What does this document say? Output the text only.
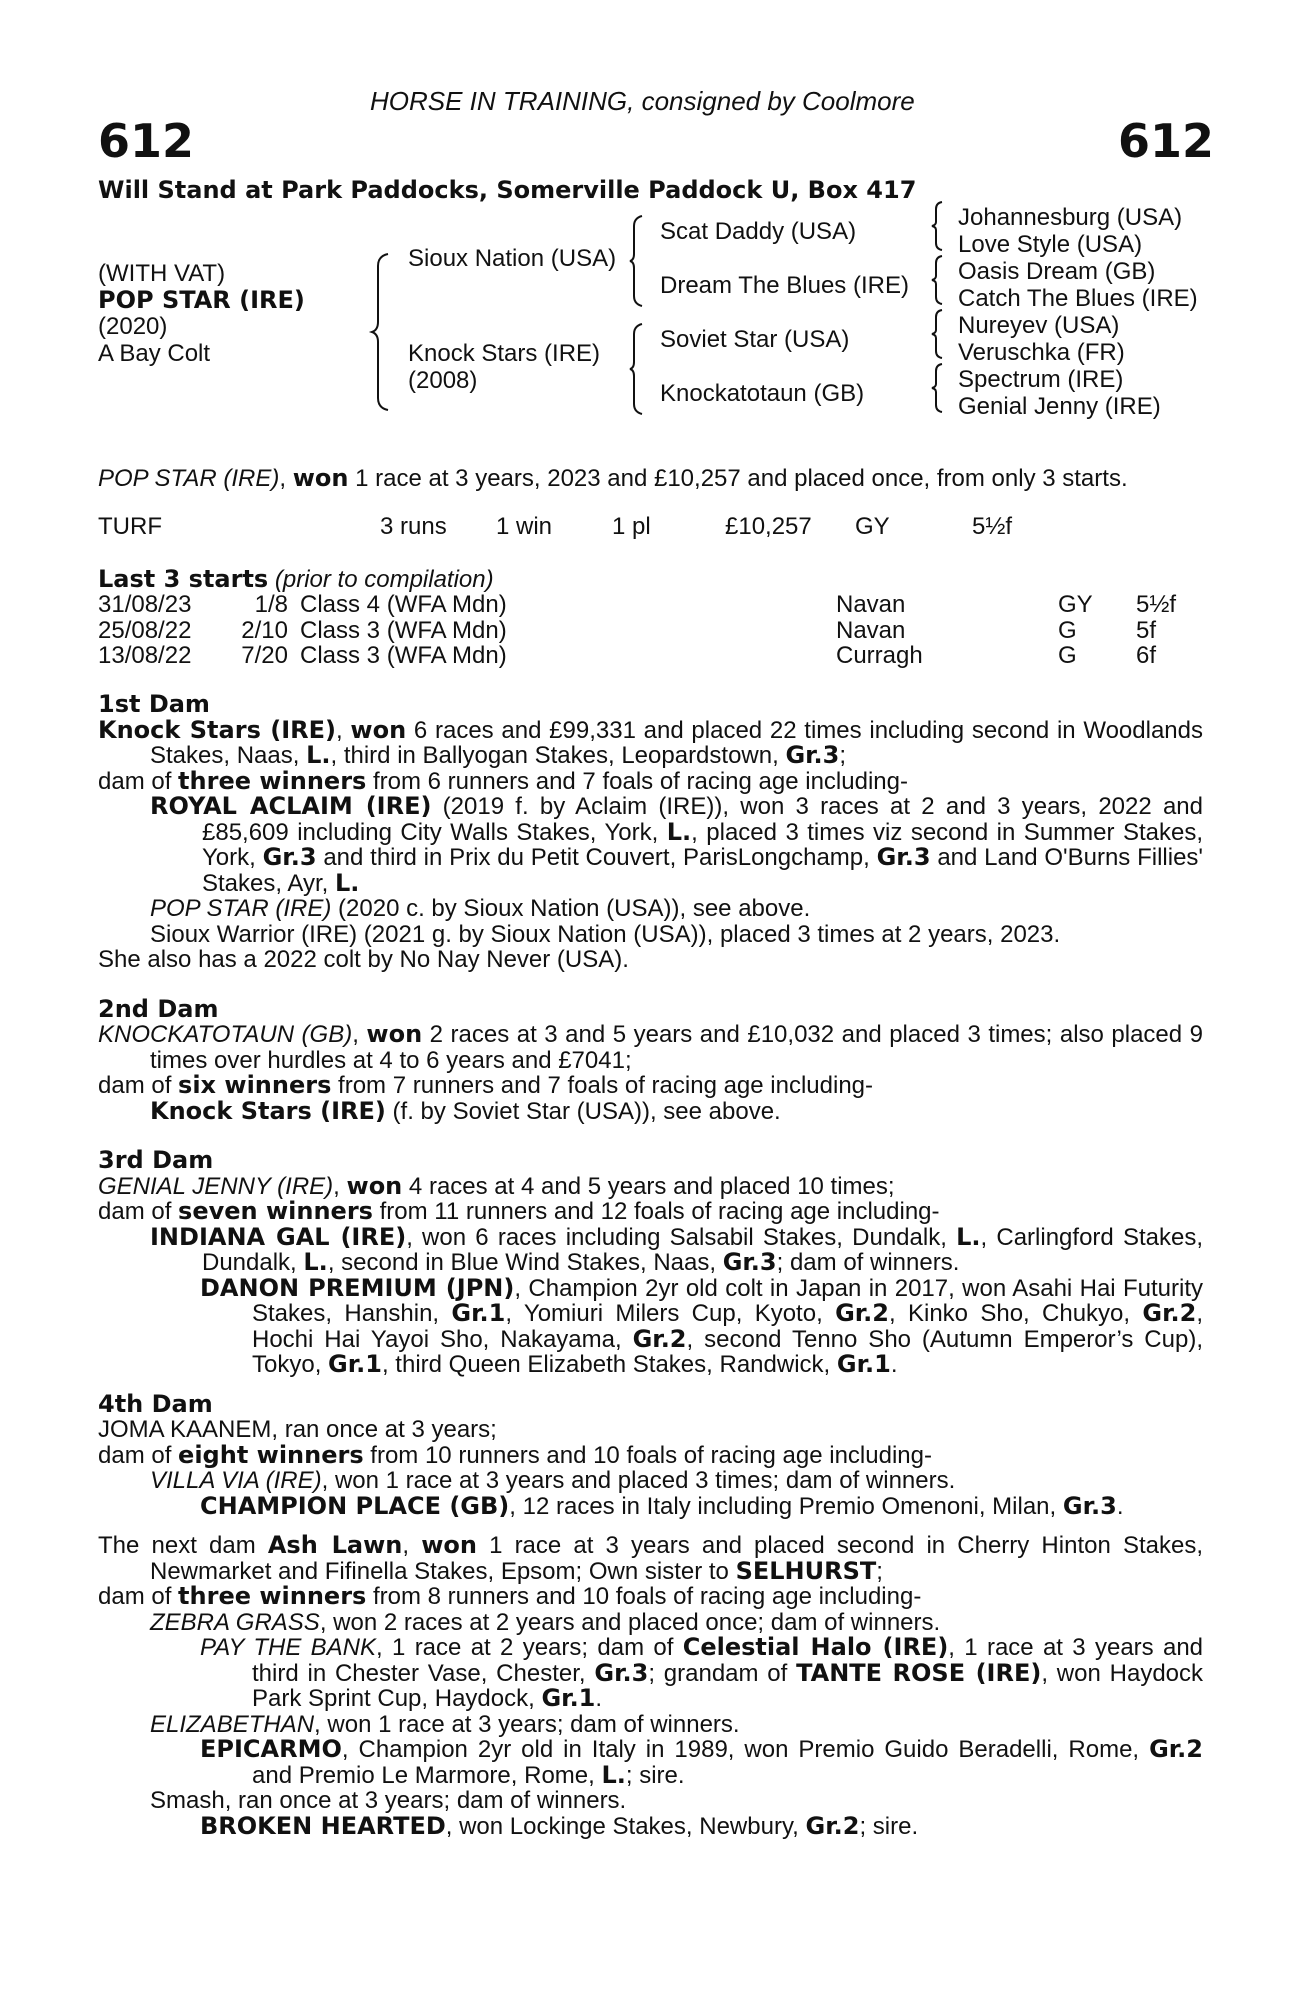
HORSE IN TRAINING, consigned by Coolmore
612	612
Will Stand at Park Paddocks, Somerville Paddock U, Box 417
(WITH VAT)
POP STAR (IRE)
(2020)
A Bay Colt
Sioux Nation (USA)
Knock Stars (IRE)
(2008)
Scat Daddy (USA)
Dream The Blues (IRE)
Soviet Star (USA)
Knockatotaun (GB)
Johannesburg (USA)
Love Style (USA)
Oasis Dream (GB)
Catch The Blues (IRE)
Nureyev (USA)
Veruschka (FR)
Spectrum (IRE)
Genial Jenny (IRE)
POP STAR (IRE), won 1 race at 3 years, 2023 and £10,257 and placed once, from only 3 starts.
TURF	3 runs 1 win 1 pl	£10,257 GY	5½f
Last 3 starts (prior to compilation)
31/08/23	1/8	Class 4 (WFA Mdn)	Navan	GY	5½f
25/08/22	2/10	Class 3 (WFA Mdn)	Navan	G	5f
13/08/22	7/20	Class 3 (WFA Mdn)	Curragh	G	6f
1st Dam
Knock Stars (IRE), won 6 races and £99,331 and placed 22 times including second in Woodlands Stakes, Naas, L., third in Ballyogan Stakes, Leopardstown, Gr.3;
dam of three winners from 6 runners and 7 foals of racing age including-
ROYAL ACLAIM (IRE) (2019 f. by Aclaim (IRE)), won 3 races at 2 and 3 years, 2022 and £85,609 including City Walls Stakes, York, L., placed 3 times viz second in Summer Stakes, York, Gr.3 and third in Prix du Petit Couvert, ParisLongchamp, Gr.3 and Land O'Burns Fillies' Stakes, Ayr, L.
POP STAR (IRE) (2020 c. by Sioux Nation (USA)), see above.
Sioux Warrior (IRE) (2021 g. by Sioux Nation (USA)), placed 3 times at 2 years, 2023.
She also has a 2022 colt by No Nay Never (USA).
2nd Dam
KNOCKATOTAUN (GB), won 2 races at 3 and 5 years and £10,032 and placed 3 times; also placed 9 times over hurdles at 4 to 6 years and £7041;
dam of six winners from 7 runners and 7 foals of racing age including-
Knock Stars (IRE) (f. by Soviet Star (USA)), see above.
3rd Dam
GENIAL JENNY (IRE), won 4 races at 4 and 5 years and placed 10 times;
dam of seven winners from 11 runners and 12 foals of racing age including-
INDIANA GAL (IRE), won 6 races including Salsabil Stakes, Dundalk, L., Carlingford Stakes, Dundalk, L., second in Blue Wind Stakes, Naas, Gr.3; dam of winners.
DANON PREMIUM (JPN), Champion 2yr old colt in Japan in 2017, won Asahi Hai Futurity Stakes, Hanshin, Gr.1, Yomiuri Milers Cup, Kyoto, Gr.2, Kinko Sho, Chukyo, Gr.2, Hochi Hai Yayoi Sho, Nakayama, Gr.2, second Tenno Sho (Autumn Emperor’s Cup), Tokyo, Gr.1, third Queen Elizabeth Stakes, Randwick, Gr.1.
4th Dam
JOMA KAANEM, ran once at 3 years;
dam of eight winners from 10 runners and 10 foals of racing age including-
VILLA VIA (IRE), won 1 race at 3 years and placed 3 times; dam of winners.
CHAMPION PLACE (GB), 12 races in Italy including Premio Omenoni, Milan, Gr.3.
The next dam Ash Lawn, won 1 race at 3 years and placed second in Cherry Hinton Stakes, Newmarket and Fifinella Stakes, Epsom; Own sister to SELHURST;
dam of three winners from 8 runners and 10 foals of racing age including-
ZEBRA GRASS, won 2 races at 2 years and placed once; dam of winners.
PAY THE BANK, 1 race at 2 years; dam of Celestial Halo (IRE), 1 race at 3 years and third in Chester Vase, Chester, Gr.3; grandam of TANTE ROSE (IRE), won Haydock Park Sprint Cup, Haydock, Gr.1.
ELIZABETHAN, won 1 race at 3 years; dam of winners.
EPICARMO, Champion 2yr old in Italy in 1989, won Premio Guido Beradelli, Rome, Gr.2 and Premio Le Marmore, Rome, L.; sire.
Smash, ran once at 3 years; dam of winners.
BROKEN HEARTED, won Lockinge Stakes, Newbury, Gr.2; sire.
